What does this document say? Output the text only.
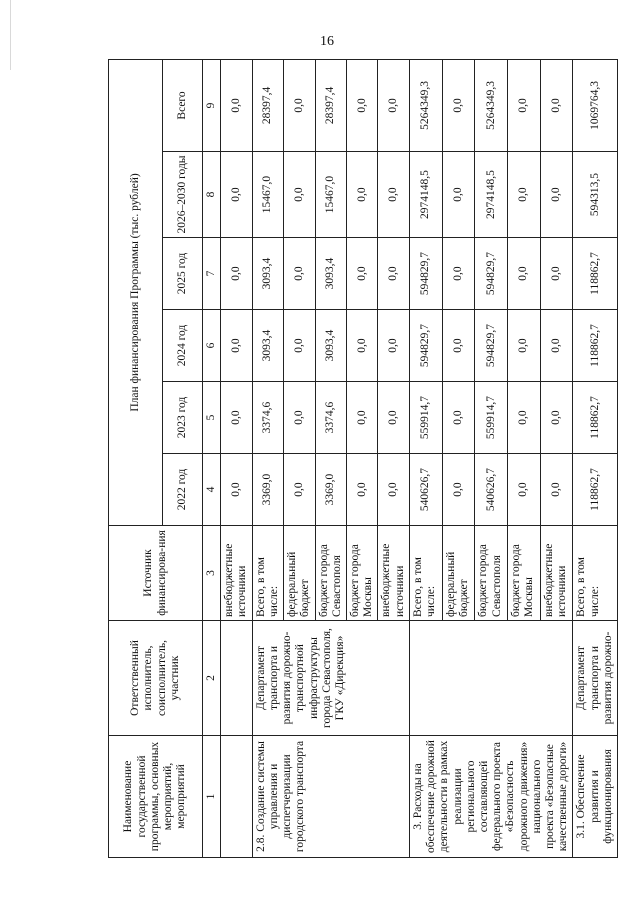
16
Наименование государственной программы, основных мероприятий, мероприятий	Ответственный исполнитель, соисполнитель, участник	Источник финансирова-ния	План финансирования Программы (тыс. рублей)					
			2022 год	2023 год	2024 год	2025 год	2026–2030 годы	Всего
1	2	3	4	5	6	7	8	9
		внебюджетные источники	0,0	0,0	0,0	0,0	0,0	0,0
2.8. Создание системы управления и диспетчеризации городского транспорта	Департамент транспорта и развития дорожно-транспортной инфраструктуры города Севастополя, ГКУ «Дирекция»	Всего, в том числе:	3369,0	3374,6	3093,4	3093,4	15467,0	28397,4
		федеральный бюджет	0,0	0,0	0,0	0,0	0,0	0,0
		бюджет города Севастополя	3369,0	3374,6	3093,4	3093,4	15467,0	28397,4
		бюджет города Москвы	0,0	0,0	0,0	0,0	0,0	0,0
		внебюджетные источники	0,0	0,0	0,0	0,0	0,0	0,0
3. Расходы на обеспечение дорожной деятельности в рамках реализации регионального составляющей федерального проекта «Безопасность дорожного движения» национального проекта «Безопасные качественные дороги»		Всего, в том числе:	540626,7	559914,7	594829,7	594829,7	2974148,5	5264349,3
		федеральный бюджет	0,0	0,0	0,0	0,0	0,0	0,0
		бюджет города Севастополя	540626,7	559914,7	594829,7	594829,7	2974148,5	5264349,3
		бюджет города Москвы	0,0	0,0	0,0	0,0	0,0	0,0
		внебюджетные источники	0,0	0,0	0,0	0,0	0,0	0,0
3.1. Обеспечение развития и функционирования	Департамент транспорта и развития дорожно-	Всего, в том числе:	118862,7	118862,7	118862,7	118862,7	594313,5	1069764,3
